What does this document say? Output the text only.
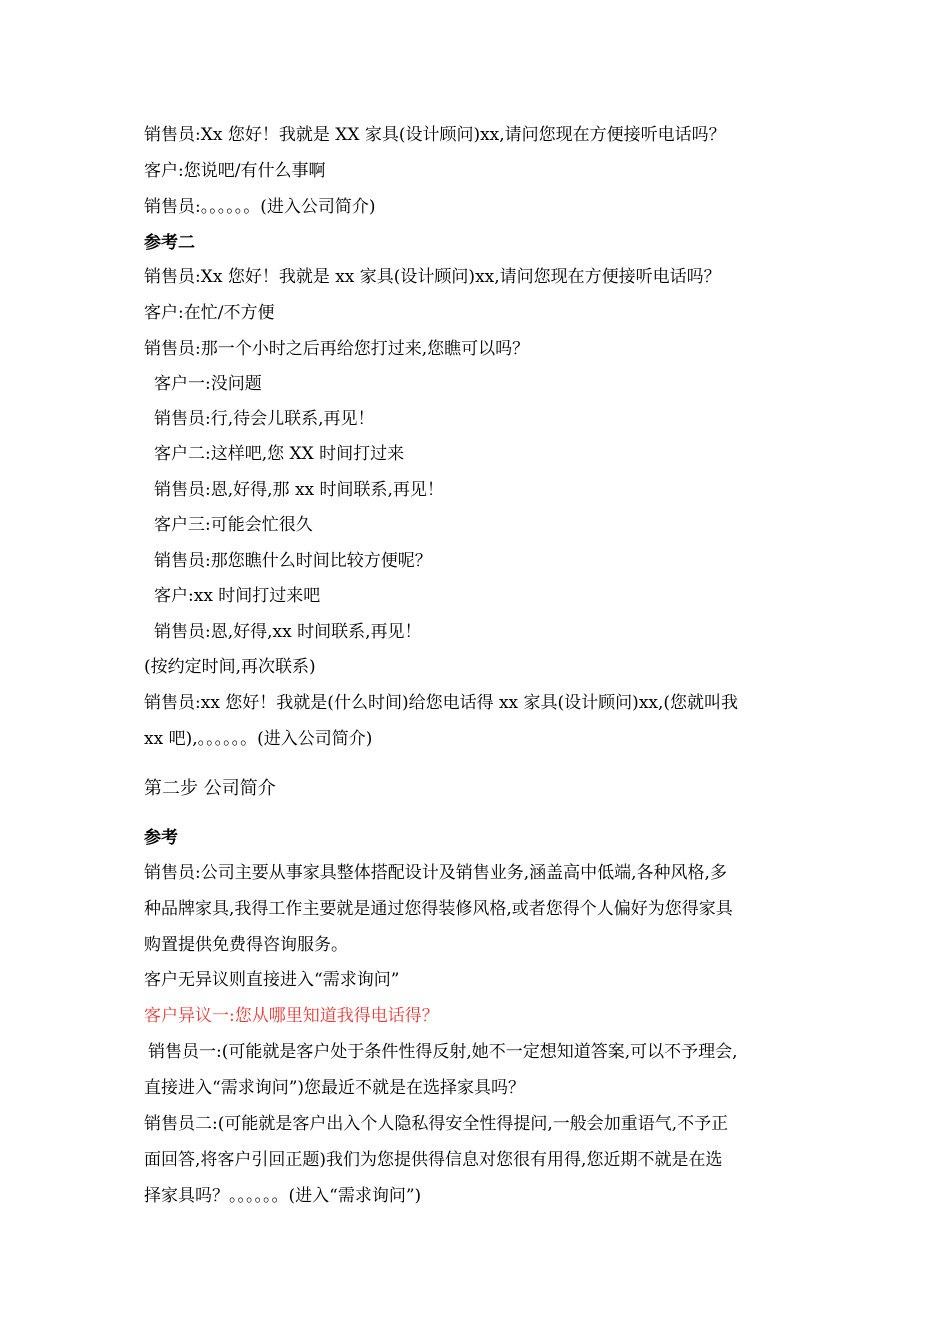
销售员:Xx 您好！我就是 XX 家具(设计顾问)xx,请问您现在方便接听电话吗？
客户:您说吧/有什么事啊
销售员:。。。。。。(进入公司简介)
参考二
销售员:Xx 您好！我就是 xx 家具(设计顾问)xx,请问您现在方便接听电话吗？
客户:在忙/不方便
销售员:那一个小时之后再给您打过来,您瞧可以吗？
客户一:没问题
销售员:行,待会儿联系,再见！
客户二:这样吧,您 XX 时间打过来
销售员:恩,好得,那 xx 时间联系,再见！
客户三:可能会忙很久
销售员:那您瞧什么时间比较方便呢？
客户:xx 时间打过来吧
销售员:恩,好得,xx 时间联系,再见！
(按约定时间,再次联系)
销售员:xx 您好！我就是(什么时间)给您电话得 xx 家具(设计顾问)xx,(您就叫我
xx 吧),。。。。。。(进入公司简介)
第二步 公司简介
参考
销售员:公司主要从事家具整体搭配设计及销售业务,涵盖高中低端,各种风格,多
种品牌家具,我得工作主要就是通过您得装修风格,或者您得个人偏好为您得家具
购置提供免费得咨询服务。
客户无异议则直接进入“需求询问”
客户异议一:您从哪里知道我得电话得？
销售员一:(可能就是客户处于条件性得反射,她不一定想知道答案,可以不予理会,
直接进入“需求询问”)您最近不就是在选择家具吗？
销售员二:(可能就是客户出入个人隐私得安全性得提问,一般会加重语气,不予正
面回答,将客户引回正题)我们为您提供得信息对您很有用得,您近期不就是在选
择家具吗？。。。。。。(进入“需求询问”)
